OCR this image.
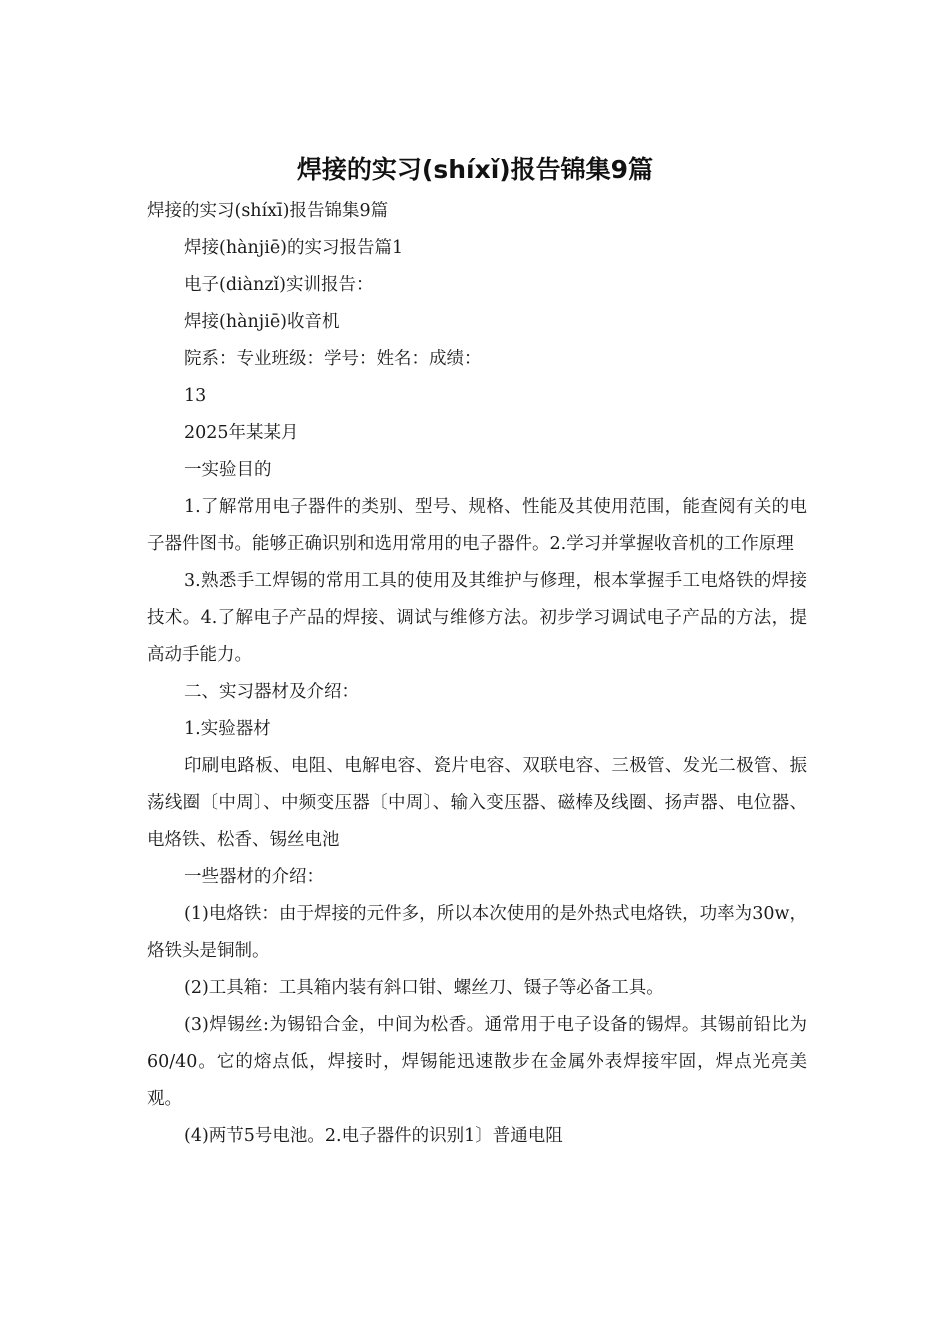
焊接的实习(shíxǐ)报告锦集9篇

焊接的实习(shíxī)报告锦集9篇

焊接(hànjiē)的实习报告篇1

电子(diànzǐ)实训报告：

焊接(hànjiē)收音机

院系：专业班级：学号：姓名：成绩：

13

2025年某某月

一实验目的

1.了解常用电子器件的类别、型号、规格、性能及其使用范围，能查阅有关的电子器件图书。能够正确识别和选用常用的电子器件。2.学习并掌握收音机的工作原理

3.熟悉手工焊锡的常用工具的使用及其维护与修理，根本掌握手工电烙铁的焊接技术。4.了解电子产品的焊接、调试与维修方法。初步学习调试电子产品的方法，提高动手能力。

二、实习器材及介绍：

1.实验器材

印刷电路板、电阻、电解电容、瓷片电容、双联电容、三极管、发光二极管、振荡线圈〔中周〕、中频变压器〔中周〕、输入变压器、磁棒及线圈、扬声器、电位器、电烙铁、松香、锡丝电池

一些器材的介绍：

(1)电烙铁：由于焊接的元件多，所以本次使用的是外热式电烙铁，功率为30w，烙铁头是铜制。

(2)工具箱：工具箱内装有斜口钳、螺丝刀、镊子等必备工具。

(3)焊锡丝:为锡铅合金，中间为松香。通常用于电子设备的锡焊。其锡前铅比为60/40。它的熔点低，焊接时，焊锡能迅速散步在金属外表焊接牢固，焊点光亮美观。

(4)两节5号电池。2.电子器件的识别1〕普通电阻
